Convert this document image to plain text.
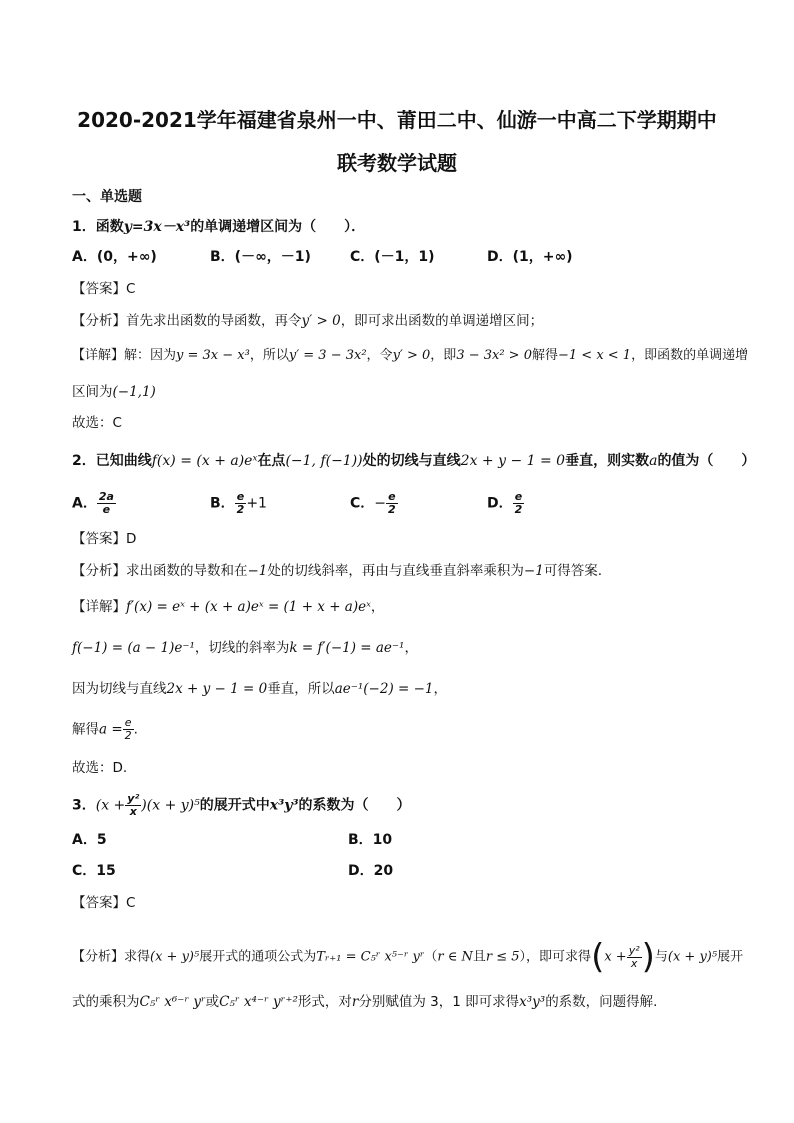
2020-2021学年福建省泉州一中、莆田二中、仙游一中高二下学期期中
联考数学试题
一、单选题
1．函数y=3x－x³的单调递增区间为（　　）．
A．(0，+∞)	B．(－∞，－1)	C．(－1，1)	D．(1，+∞)
【答案】C
【分析】首先求出函数的导函数，再令y′ > 0，即可求出函数的单调递增区间；
【详解】解：因为y = 3x − x³，所以y′ = 3 − 3x²，令y′ > 0，即3 − 3x² > 0解得−1 < x < 1，即函数的单调递增
区间为(−1,1)
故选：C
2．已知曲线f(x) = (x + a)eˣ在点(−1, f(−1))处的切线与直线2x + y − 1 = 0垂直，则实数a的值为（　　）
A． $\frac{2a}{e}$	B． $\frac{e}{2} +1$	C．− $\frac{e}{2}$	D． $\frac{e}{2}$
【答案】D
【分析】求出函数的导数和在−1处的切线斜率，再由与直线垂直斜率乘积为−1可得答案.
【详解】f′(x) = eˣ + (x + a)eˣ = (1 + x + a)eˣ，
f(−1) = (a − 1)e⁻¹，切线的斜率为k = f′(−1) = ae⁻¹，
因为切线与直线2x + y − 1 = 0垂直，所以ae⁻¹(−2) = −1，
解得$a = \frac{e}{2}$ .
故选：D.
3．$(x + \frac{\text{y²}}{x} )(x + y)^5$的展开式中x³y³的系数为（　　）
A．5	B．10
C．15	D．20
【答案】C
【分析】求得(x + y)⁵展开式的通项公式为Tᵣ₊₁ = C₅ʳ x⁵⁻ʳ yʳ（r ∈ N且r ≤ 5），即可求得($x + \frac{\text{y²}}{x}$ )与(x + y)⁵展开
式的乘积为C₅ʳ x⁶⁻ʳ yʳ或C₅ʳ x⁴⁻ʳ yʳ⁺²形式，对r分别赋值为 3，1 即可求得x³y³的系数，问题得解.
